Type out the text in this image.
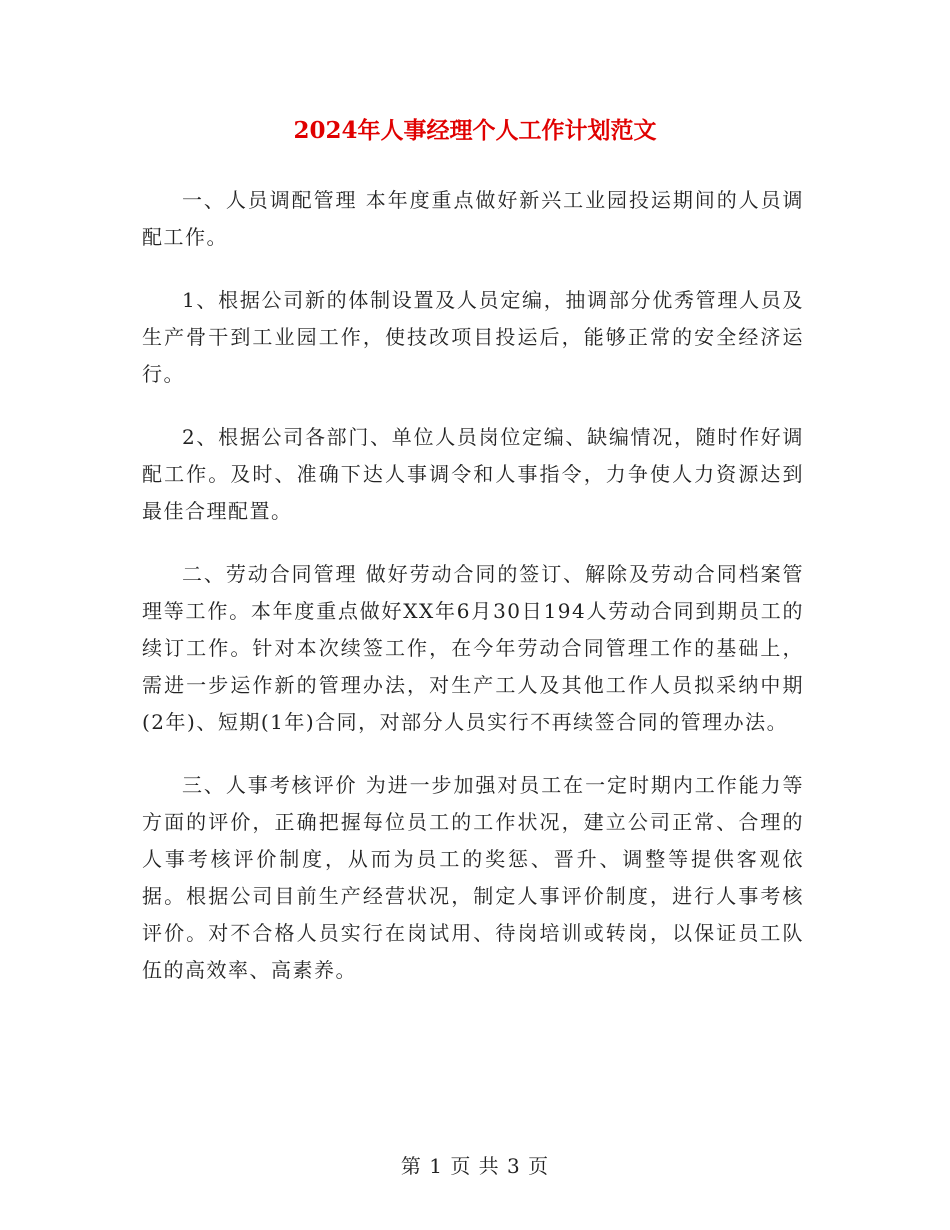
2024年人事经理个人工作计划范文

一、人员调配管理 本年度重点做好新兴工业园投运期间的人员调配工作。

1、根据公司新的体制设置及人员定编，抽调部分优秀管理人员及生产骨干到工业园工作，使技改项目投运后，能够正常的安全经济运行。

2、根据公司各部门、单位人员岗位定编、缺编情况，随时作好调配工作。及时、准确下达人事调令和人事指令，力争使人力资源达到最佳合理配置。

二、劳动合同管理 做好劳动合同的签订、解除及劳动合同档案管理等工作。本年度重点做好XX年6月30日194人劳动合同到期员工的续订工作。针对本次续签工作，在今年劳动合同管理工作的基础上，需进一步运作新的管理办法，对生产工人及其他工作人员拟采纳中期(2年)、短期(1年)合同，对部分人员实行不再续签合同的管理办法。

三、人事考核评价 为进一步加强对员工在一定时期内工作能力等方面的评价，正确把握每位员工的工作状况，建立公司正常、合理的人事考核评价制度，从而为员工的奖惩、晋升、调整等提供客观依据。根据公司目前生产经营状况，制定人事评价制度，进行人事考核评价。对不合格人员实行在岗试用、待岗培训或转岗，以保证员工队伍的高效率、高素养。

第 1 页 共 3 页
